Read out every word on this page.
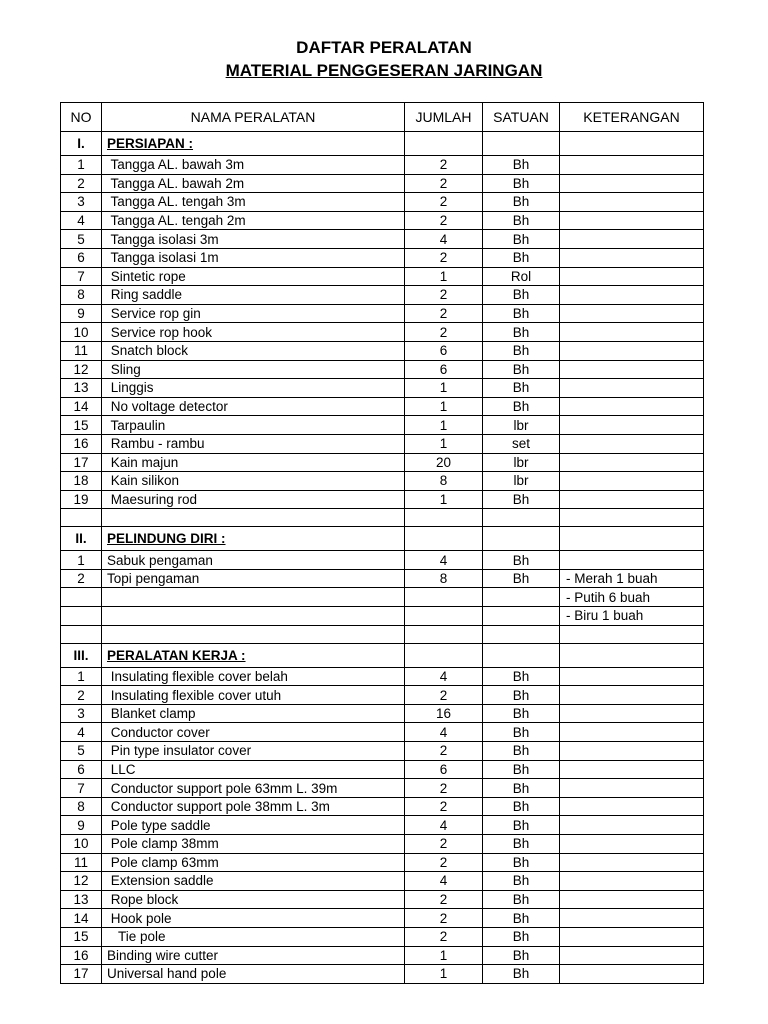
DAFTAR PERALATAN
MATERIAL PENGGESERAN JARINGAN
NO	NAMA PERALATAN	JUMLAH	SATUAN	KETERANGAN
I.	PERSIAPAN :			
1	Tangga AL. bawah 3m	2	Bh	
2	Tangga AL. bawah 2m	2	Bh	
3	Tangga AL. tengah 3m	2	Bh	
4	Tangga AL. tengah 2m	2	Bh	
5	Tangga isolasi 3m	4	Bh	
6	Tangga isolasi 1m	2	Bh	
7	Sintetic rope	1	Rol	
8	Ring saddle	2	Bh	
9	Service rop gin	2	Bh	
10	Service rop hook	2	Bh	
11	Snatch block	6	Bh	
12	Sling	6	Bh	
13	Linggis	1	Bh	
14	No voltage detector	1	Bh	
15	Tarpaulin	1	lbr	
16	Rambu - rambu	1	set	
17	Kain majun	20	lbr	
18	Kain silikon	8	lbr	
19	Maesuring rod	1	Bh	

II.	PELINDUNG DIRI :			
1	Sabuk pengaman	4	Bh	
2	Topi pengaman	8	Bh	- Merah 1 buah
				- Putih 6 buah
				- Biru 1 buah

III.	PERALATAN KERJA :			
1	Insulating flexible cover belah	4	Bh	
2	Insulating flexible cover utuh	2	Bh	
3	Blanket clamp	16	Bh	
4	Conductor cover	4	Bh	
5	Pin type insulator cover	2	Bh	
6	LLC	6	Bh	
7	Conductor support pole 63mm L. 39m	2	Bh	
8	Conductor support pole 38mm L. 3m	2	Bh	
9	Pole type saddle	4	Bh	
10	Pole clamp 38mm	2	Bh	
11	Pole clamp 63mm	2	Bh	
12	Extension saddle	4	Bh	
13	Rope block	2	Bh	
14	Hook pole	2	Bh	
15	Tie pole	2	Bh	
16	Binding wire cutter	1	Bh	
17	Universal hand pole	1	Bh	
